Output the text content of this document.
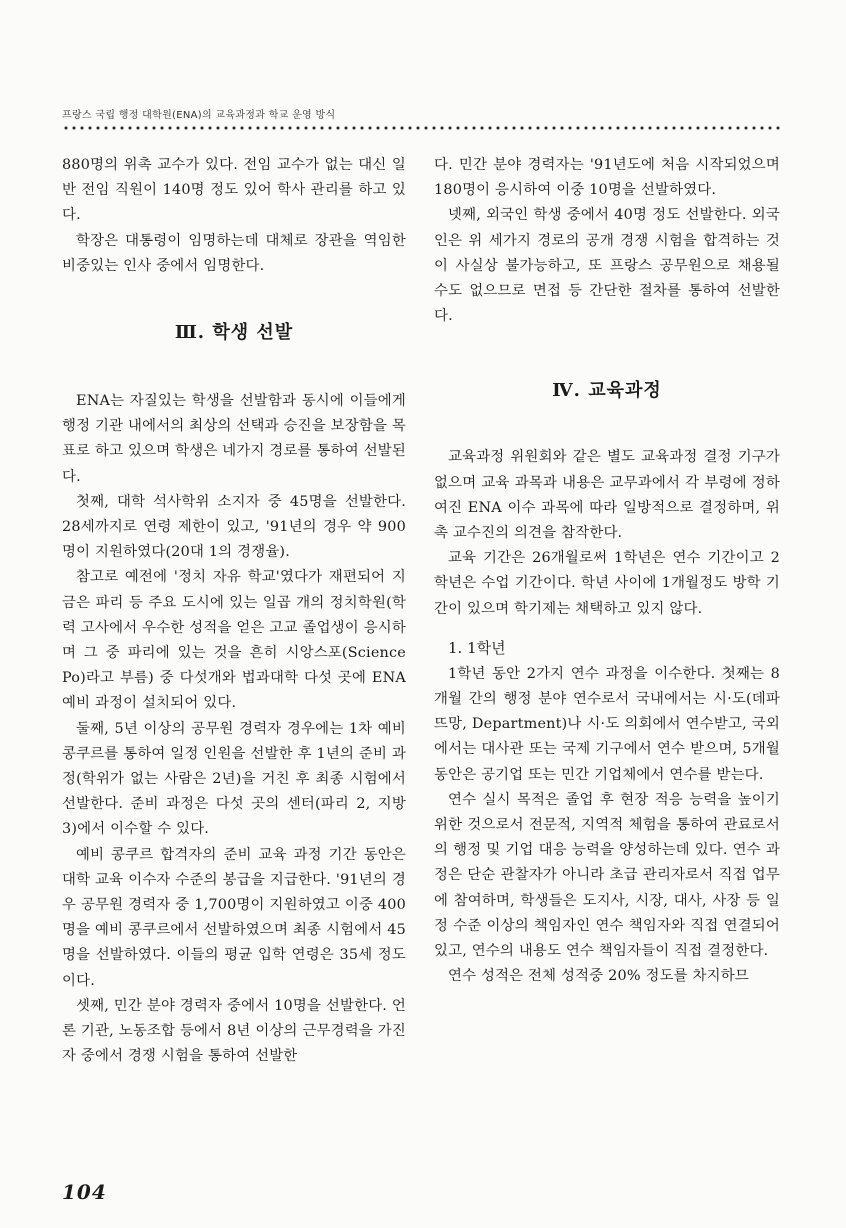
프랑스 국립 행정 대학원(ENA)의 교육과정과 학교 운영 방식

880명의 위촉 교수가 있다. 전임 교수가 없는 대신 일반 전임 직원이 140명 정도 있어 학사 관리를 하고 있다.

학장은 대통령이 임명하는데 대체로 장관을 역임한 비중있는 인사 중에서 임명한다.

Ⅲ. 학생 선발

ENA는 자질있는 학생을 선발함과 동시에 이들에게 행정 기관 내에서의 최상의 선택과 승진을 보장함을 목표로 하고 있으며 학생은 네가지 경로를 통하여 선발된다.

첫째, 대학 석사학위 소지자 중 45명을 선발한다. 28세까지로 연령 제한이 있고, '91년의 경우 약 900명이 지원하였다(20대 1의 경쟁율).

참고로 예전에 '정치 자유 학교'였다가 재편되어 지금은 파리 등 주요 도시에 있는 일곱 개의 정치학원(학력 고사에서 우수한 성적을 얻은 고교 졸업생이 응시하며 그 중 파리에 있는 것을 흔히 시앙스포(Science Po)라고 부름) 중 다섯개와 법과대학 다섯 곳에 ENA 예비 과정이 설치되어 있다.

둘째, 5년 이상의 공무원 경력자 경우에는 1차 예비 콩쿠르를 통하여 일정 인원을 선발한 후 1년의 준비 과정(학위가 없는 사람은 2년)을 거친 후 최종 시험에서 선발한다. 준비 과정은 다섯 곳의 센터(파리 2, 지방 3)에서 이수할 수 있다.

예비 콩쿠르 합격자의 준비 교육 과정 기간 동안은 대학 교육 이수자 수준의 봉급을 지급한다. '91년의 경우 공무원 경력자 중 1,700명이 지원하였고 이중 400명을 예비 콩쿠르에서 선발하였으며 최종 시험에서 45명을 선발하였다. 이들의 평균 입학 연령은 35세 정도이다.

셋째, 민간 분야 경력자 중에서 10명을 선발한다. 언론 기관, 노동조합 등에서 8년 이상의 근무경력을 가진 자 중에서 경쟁 시험을 통하여 선발한

다. 민간 분야 경력자는 '91년도에 처음 시작되었으며 180명이 응시하여 이중 10명을 선발하였다.

넷째, 외국인 학생 중에서 40명 정도 선발한다. 외국인은 위 세가지 경로의 공개 경쟁 시험을 합격하는 것이 사실상 불가능하고, 또 프랑스 공무원으로 채용될 수도 없으므로 면접 등 간단한 절차를 통하여 선발한다.

Ⅳ. 교육과정

교육과정 위원회와 같은 별도 교육과정 결정 기구가 없으며 교육 과목과 내용은 교무과에서 각 부령에 정하여진 ENA 이수 과목에 따라 일방적으로 결정하며, 위촉 교수진의 의견을 참작한다.

교육 기간은 26개월로써 1학년은 연수 기간이고 2학년은 수업 기간이다. 학년 사이에 1개월정도 방학 기간이 있으며 학기제는 채택하고 있지 않다.

1. 1학년

1학년 동안 2가지 연수 과정을 이수한다. 첫째는 8개월 간의 행정 분야 연수로서 국내에서는 시·도(데파뜨망, Department)나 시·도 의회에서 연수받고, 국외에서는 대사관 또는 국제 기구에서 연수 받으며, 5개월 동안은 공기업 또는 민간 기업체에서 연수를 받는다.

연수 실시 목적은 졸업 후 현장 적응 능력을 높이기 위한 것으로서 전문적, 지역적 체험을 통하여 관료로서의 행정 및 기업 대응 능력을 양성하는데 있다. 연수 과정은 단순 관찰자가 아니라 초급 관리자로서 직접 업무에 참여하며, 학생들은 도지사, 시장, 대사, 사장 등 일정 수준 이상의 책임자인 연수 책임자와 직접 연결되어 있고, 연수의 내용도 연수 책임자들이 직접 결정한다.

연수 성적은 전체 성적중 20% 정도를 차지하므

104
